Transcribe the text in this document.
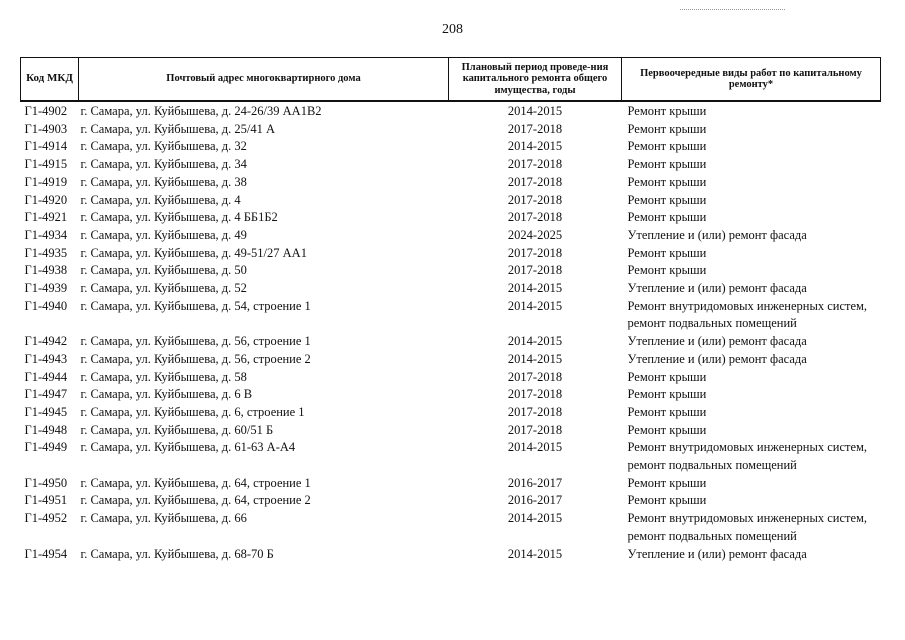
208
Код МКД	Почтовый адрес многоквартирного дома	Плановый период проведе-ния капитального ремонта общего имущества, годы	Первоочередные виды работ по капитальному ремонту*
Г1-4902	г. Самара, ул. Куйбышева, д. 24-26/39 АА1В2	2014-2015	Ремонт крыши
Г1-4903	г. Самара, ул. Куйбышева, д. 25/41 А	2017-2018	Ремонт крыши
Г1-4914	г. Самара, ул. Куйбышева, д. 32	2014-2015	Ремонт крыши
Г1-4915	г. Самара, ул. Куйбышева, д. 34	2017-2018	Ремонт крыши
Г1-4919	г. Самара, ул. Куйбышева, д. 38	2017-2018	Ремонт крыши
Г1-4920	г. Самара, ул. Куйбышева, д. 4	2017-2018	Ремонт крыши
Г1-4921	г. Самара, ул. Куйбышева, д. 4 ББ1Б2	2017-2018	Ремонт крыши
Г1-4934	г. Самара, ул. Куйбышева, д. 49	2024-2025	Утепление и (или) ремонт фасада
Г1-4935	г. Самара, ул. Куйбышева, д. 49-51/27 АА1	2017-2018	Ремонт крыши
Г1-4938	г. Самара, ул. Куйбышева, д. 50	2017-2018	Ремонт крыши
Г1-4939	г. Самара, ул. Куйбышева, д. 52	2014-2015	Утепление и (или) ремонт фасада
Г1-4940	г. Самара, ул. Куйбышева, д. 54, строение 1	2014-2015	Ремонт внутридомовых инженерных систем, ремонт подвальных помещений
Г1-4942	г. Самара, ул. Куйбышева, д. 56, строение 1	2014-2015	Утепление и (или) ремонт фасада
Г1-4943	г. Самара, ул. Куйбышева, д. 56, строение 2	2014-2015	Утепление и (или) ремонт фасада
Г1-4944	г. Самара, ул. Куйбышева, д. 58	2017-2018	Ремонт крыши
Г1-4947	г. Самара, ул. Куйбышева, д. 6 В	2017-2018	Ремонт крыши
Г1-4945	г. Самара, ул. Куйбышева, д. 6, строение 1	2017-2018	Ремонт крыши
Г1-4948	г. Самара, ул. Куйбышева, д. 60/51 Б	2017-2018	Ремонт крыши
Г1-4949	г. Самара, ул. Куйбышева, д. 61-63 А-А4	2014-2015	Ремонт внутридомовых инженерных систем, ремонт подвальных помещений
Г1-4950	г. Самара, ул. Куйбышева, д. 64, строение 1	2016-2017	Ремонт крыши
Г1-4951	г. Самара, ул. Куйбышева, д. 64, строение 2	2016-2017	Ремонт крыши
Г1-4952	г. Самара, ул. Куйбышева, д. 66	2014-2015	Ремонт внутридомовых инженерных систем, ремонт подвальных помещений
Г1-4954	г. Самара, ул. Куйбышева, д. 68-70 Б	2014-2015	Утепление и (или) ремонт фасада
